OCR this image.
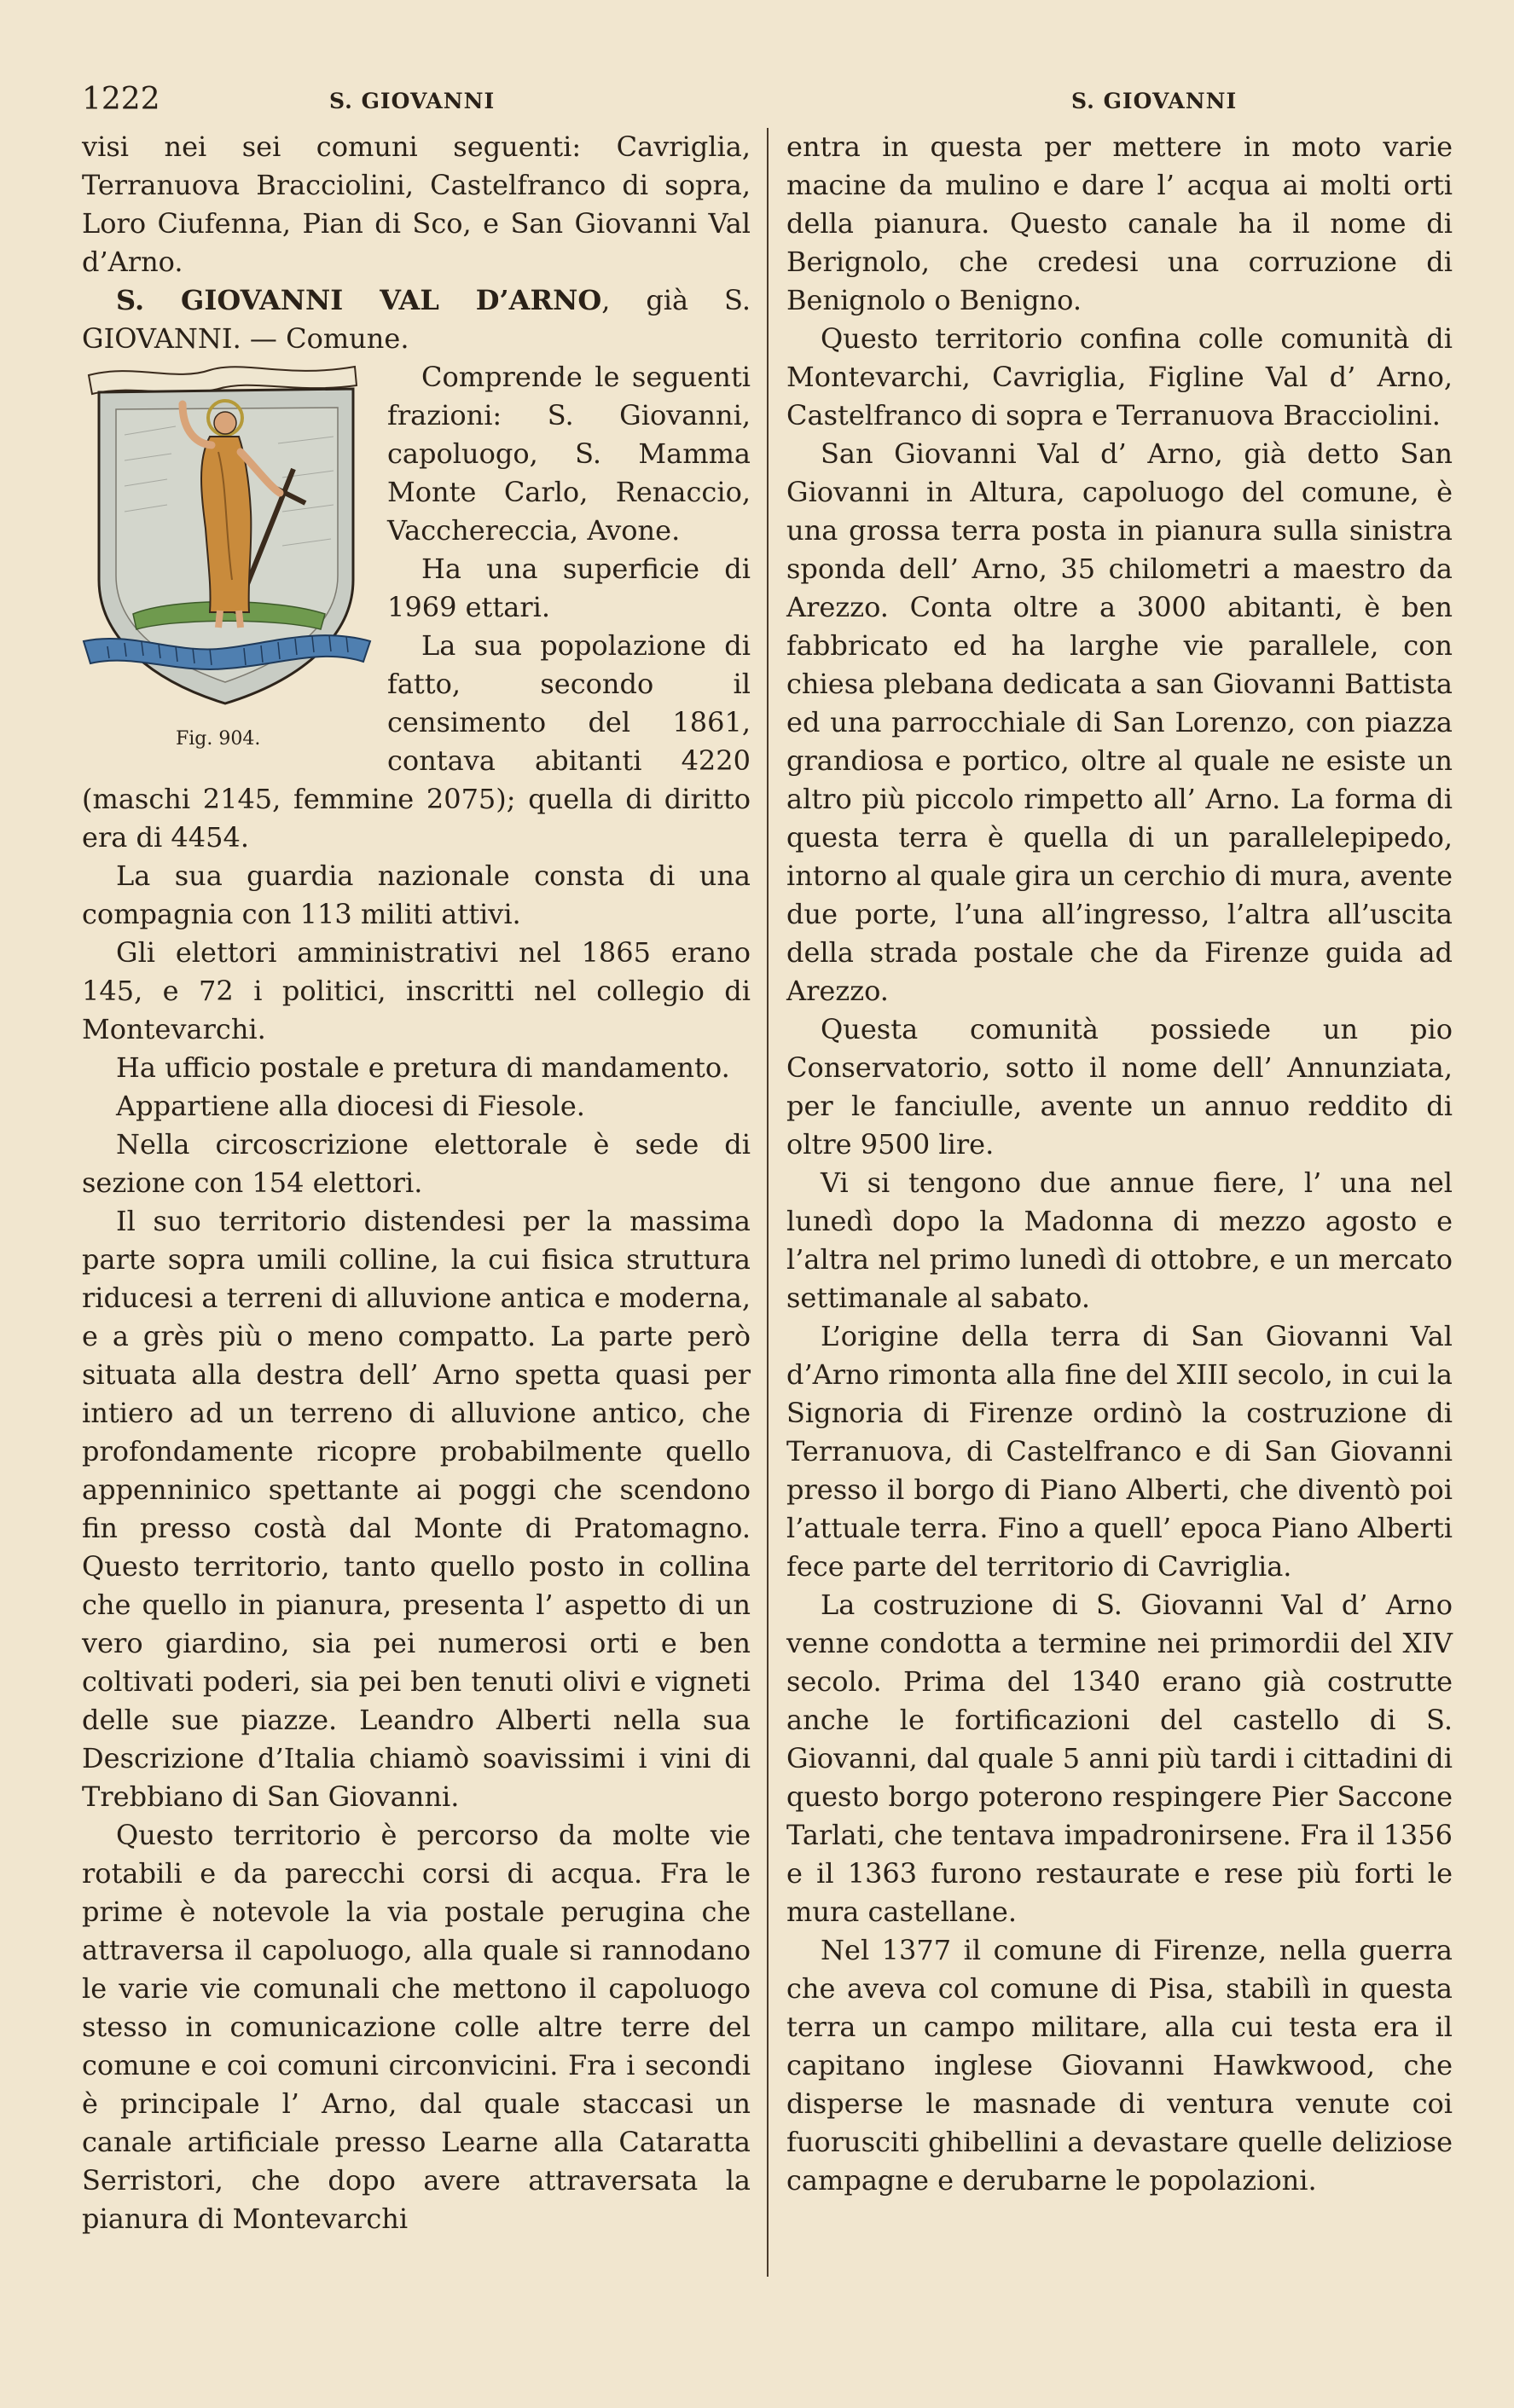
1222	S. GIOVANNI	S. GIOVANNI

visi nei sei comuni seguenti: Cavriglia, Terranuova Bracciolini, Castelfranco di sopra, Loro Ciufenna, Pian di Sco, e San Giovanni Val d’Arno.

S. GIOVANNI VAL D’ARNO, già S. GIOVANNI. — Comune.

Fig. 904.

Comprende le seguenti frazioni: S. Giovanni, capoluogo, S. Mamma Monte Carlo, Renaccio, Vacchereccia, Avone.

Ha una superficie di 1969 ettari.

La sua popolazione di fatto, secondo il censimento del 1861, contava abitanti 4220 (maschi 2145, femmine 2075); quella di diritto era di 4454.

La sua guardia nazionale consta di una compagnia con 113 militi attivi.

Gli elettori amministrativi nel 1865 erano 145, e 72 i politici, inscritti nel collegio di Montevarchi.

Ha ufficio postale e pretura di mandamento.

Appartiene alla diocesi di Fiesole.

Nella circoscrizione elettorale è sede di sezione con 154 elettori.

Il suo territorio distendesi per la massima parte sopra umili colline, la cui fisica struttura riducesi a terreni di alluvione antica e moderna, e a grès più o meno compatto. La parte però situata alla destra dell’ Arno spetta quasi per intiero ad un terreno di alluvione antico, che profondamente ricopre probabilmente quello appenninico spettante ai poggi che scendono fin presso costà dal Monte di Pratomagno. Questo territorio, tanto quello posto in collina che quello in pianura, presenta l’ aspetto di un vero giardino, sia pei numerosi orti e ben coltivati poderi, sia pei ben tenuti olivi e vigneti delle sue piazze. Leandro Alberti nella sua Descrizione d’Italia chiamò soavissimi i vini di Trebbiano di San Giovanni.

Questo territorio è percorso da molte vie rotabili e da parecchi corsi di acqua. Fra le prime è notevole la via postale perugina che attraversa il capoluogo, alla quale si rannodano le varie vie comunali che mettono il capoluogo stesso in comunicazione colle altre terre del comune e coi comuni circonvicini. Fra i secondi è principale l’ Arno, dal quale staccasi un canale artificiale presso Learne alla Cataratta Serristori, che dopo avere attraversata la pianura di Montevarchi

entra in questa per mettere in moto varie macine da mulino e dare l’ acqua ai molti orti della pianura. Questo canale ha il nome di Berignolo, che credesi una corruzione di Benignolo o Benigno.

Questo territorio confina colle comunità di Montevarchi, Cavriglia, Figline Val d’ Arno, Castelfranco di sopra e Terranuova Bracciolini.

San Giovanni Val d’ Arno, già detto San Giovanni in Altura, capoluogo del comune, è una grossa terra posta in pianura sulla sinistra sponda dell’ Arno, 35 chilometri a maestro da Arezzo. Conta oltre a 3000 abitanti, è ben fabbricato ed ha larghe vie parallele, con chiesa plebana dedicata a san Giovanni Battista ed una parrocchiale di San Lorenzo, con piazza grandiosa e portico, oltre al quale ne esiste un altro più piccolo rimpetto all’ Arno. La forma di questa terra è quella di un parallelepipedo, intorno al quale gira un cerchio di mura, avente due porte, l’una all’ingresso, l’altra all’uscita della strada postale che da Firenze guida ad Arezzo.

Questa comunità possiede un pio Conservatorio, sotto il nome dell’ Annunziata, per le fanciulle, avente un annuo reddito di oltre 9500 lire.

Vi si tengono due annue fiere, l’ una nel lunedì dopo la Madonna di mezzo agosto e l’altra nel primo lunedì di ottobre, e un mercato settimanale al sabato.

L’origine della terra di San Giovanni Val d’Arno rimonta alla fine del XIII secolo, in cui la Signoria di Firenze ordinò la costruzione di Terranuova, di Castelfranco e di San Giovanni presso il borgo di Piano Alberti, che diventò poi l’attuale terra. Fino a quell’ epoca Piano Alberti fece parte del territorio di Cavriglia.

La costruzione di S. Giovanni Val d’ Arno venne condotta a termine nei primordii del XIV secolo. Prima del 1340 erano già costrutte anche le fortificazioni del castello di S. Giovanni, dal quale 5 anni più tardi i cittadini di questo borgo poterono respingere Pier Saccone Tarlati, che tentava impadronirsene. Fra il 1356 e il 1363 furono restaurate e rese più forti le mura castellane.

Nel 1377 il comune di Firenze, nella guerra che aveva col comune di Pisa, stabilì in questa terra un campo militare, alla cui testa era il capitano inglese Giovanni Hawkwood, che disperse le masnade di ventura venute coi fuorusciti ghibellini a devastare quelle deliziose campagne e derubarne le popolazioni.
